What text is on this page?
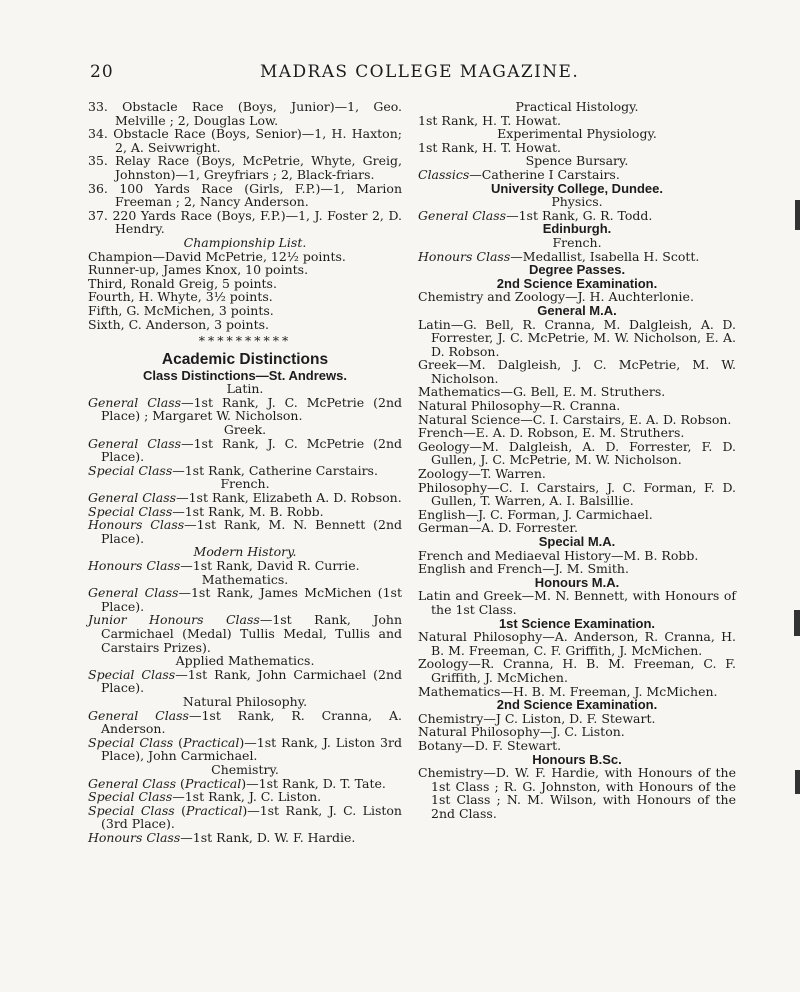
20	MADRAS COLLEGE MAGAZINE.

33. Obstacle Race (Boys, Junior)—1, Geo. Melville ; 2, Douglas Low.

34. Obstacle Race (Boys, Senior)—1, H. Haxton; 2, A. Seivwright.

35. Relay Race (Boys, McPetrie, Whyte, Greig, Johnston)—1, Greyfriars ; 2, Black-friars.

36. 100 Yards Race (Girls, F.P.)—1, Marion Freeman ; 2, Nancy Anderson.

37. 220 Yards Race (Boys, F.P.)—1, J. Foster 2, D. Hendry.

Championship List.

Champion—David McPetrie, 12½ points.

Runner-up, James Knox, 10 points.

Third, Ronald Greig, 5 points.

Fourth, H. Whyte, 3½ points.

Fifth, G. McMichen, 3 points.

Sixth, C. Anderson, 3 points.

**********

Academic Distinctions

Class Distinctions—St. Andrews.

Latin.

General Class—1st Rank, J. C. McPetrie (2nd Place) ; Margaret W. Nicholson.

Greek.

General Class—1st Rank, J. C. McPetrie (2nd Place).

Special Class—1st Rank, Catherine Carstairs.

French.

General Class—1st Rank, Elizabeth A. D. Robson.

Special Class—1st Rank, M. B. Robb.

Honours Class—1st Rank, M. N. Bennett (2nd Place).

Modern History.

Honours Class—1st Rank, David R. Currie.

Mathematics.

General Class—1st Rank, James McMichen (1st Place).

Junior Honours Class—1st Rank, John Carmichael (Medal) Tullis Medal, Tullis and Carstairs Prizes).

Applied Mathematics.

Special Class—1st Rank, John Carmichael (2nd Place).

Natural Philosophy.

General Class—1st Rank, R. Cranna, A. Anderson.

Special Class (Practical)—1st Rank, J. Liston 3rd Place), John Carmichael.

Chemistry.

General Class (Practical)—1st Rank, D. T. Tate.

Special Class—1st Rank, J. C. Liston.

Special Class (Practical)—1st Rank, J. C. Liston (3rd Place).

Honours Class—1st Rank, D. W. F. Hardie.

Practical Histology.

1st Rank, H. T. Howat.

Experimental Physiology.

1st Rank, H. T. Howat.

Spence Bursary.

Classics—Catherine I Carstairs.

University College, Dundee.

Physics.

General Class—1st Rank, G. R. Todd.

Edinburgh.

French.

Honours Class—Medallist, Isabella H. Scott.

Degree Passes.

2nd Science Examination.

Chemistry and Zoology—J. H. Auchterlonie.

General M.A.

Latin—G. Bell, R. Cranna, M. Dalgleish, A. D. Forrester, J. C. McPetrie, M. W. Nicholson, E. A. D. Robson.

Greek—M. Dalgleish, J. C. McPetrie, M. W. Nicholson.

Mathematics—G. Bell, E. M. Struthers.

Natural Philosophy—R. Cranna.

Natural Science—C. I. Carstairs, E. A. D. Robson.

French—E. A. D. Robson, E. M. Struthers.

Geology—M. Dalgleish, A. D. Forrester, F. D. Gullen, J. C. McPetrie, M. W. Nicholson.

Zoology—T. Warren.

Philosophy—C. I. Carstairs, J. C. Forman, F. D. Gullen, T. Warren, A. I. Balsillie.

English—J. C. Forman, J. Carmichael.

German—A. D. Forrester.

Special M.A.

French and Mediaeval History—M. B. Robb.

English and French—J. M. Smith.

Honours M.A.

Latin and Greek—M. N. Bennett, with Honours of the 1st Class.

1st Science Examination.

Natural Philosophy—A. Anderson, R. Cranna, H. B. M. Freeman, C. F. Griffith, J. McMichen.

Zoology—R. Cranna, H. B. M. Freeman, C. F. Griffith, J. McMichen.

Mathematics—H. B. M. Freeman, J. McMichen.

2nd Science Examination.

Chemistry—J C. Liston, D. F. Stewart.

Natural Philosophy—J. C. Liston.

Botany—D. F. Stewart.

Honours B.Sc.

Chemistry—D. W. F. Hardie, with Honours of the 1st Class ; R. G. Johnston, with Honours of the 1st Class ; N. M. Wilson, with Honours of the 2nd Class.
